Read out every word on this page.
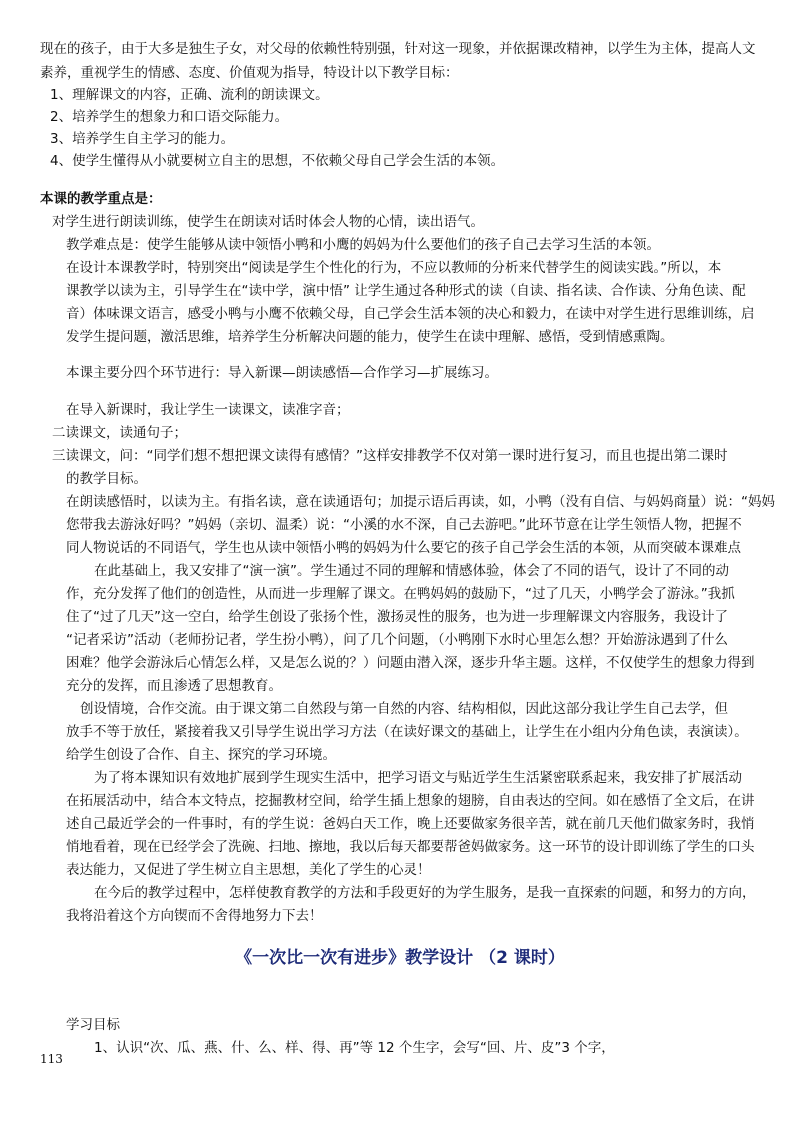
现在的孩子，由于大多是独生子女，对父母的依赖性特别强，针对这一现象，并依据课改精神，以学生为主体，提高人文
素养，重视学生的情感、态度、价值观为指导，特设计以下教学目标：
1、理解课文的内容，正确、流利的朗读课文。
2、培养学生的想象力和口语交际能力。
3、培养学生自主学习的能力。
4、使学生懂得从小就要树立自主的思想，不依赖父母自己学会生活的本领。
本课的教学重点是：
对学生进行朗读训练，使学生在朗读对话时体会人物的心情，读出语气。
教学难点是：使学生能够从读中领悟小鸭和小鹰的妈妈为什么要他们的孩子自己去学习生活的本领。
在设计本课教学时，特别突出“阅读是学生个性化的行为，不应以教师的分析来代替学生的阅读实践。”所以，本
课教学以读为主，引导学生在“读中学，演中悟” 让学生通过各种形式的读（自读、指名读、合作读、分角色读、配
音）体味课文语言，感受小鸭与小鹰不依赖父母，自己学会生活本领的决心和毅力，在读中对学生进行思维训练，启
发学生提问题，激活思维，培养学生分析解决问题的能力，使学生在读中理解、感悟，受到情感熏陶。
本课主要分四个环节进行：导入新课—朗读感悟—合作学习—扩展练习。
在导入新课时，我让学生一读课文，读准字音；
二读课文，读通句子；
三读课文，问：“同学们想不想把课文读得有感情？”这样安排教学不仅对第一课时进行复习，而且也提出第二课时
的教学目标。
在朗读感悟时，以读为主。有指名读，意在读通语句；加提示语后再读，如，小鸭（没有自信、与妈妈商量）说：“妈妈
您带我去游泳好吗？”妈妈（亲切、温柔）说：“小溪的水不深，自己去游吧。”此环节意在让学生领悟人物，把握不
同人物说话的不同语气，学生也从读中领悟小鸭的妈妈为什么要它的孩子自己学会生活的本领，从而突破本课难点
在此基础上，我又安排了“演一演”。学生通过不同的理解和情感体验，体会了不同的语气，设计了不同的动
作，充分发挥了他们的创造性，从而进一步理解了课文。在鸭妈妈的鼓励下，“过了几天，小鸭学会了游泳。”我抓
住了“过了几天”这一空白，给学生创设了张扬个性，激扬灵性的服务，也为进一步理解课文内容服务，我设计了
“记者采访”活动（老师扮记者，学生扮小鸭），问了几个问题，（小鸭刚下水时心里怎么想？开始游泳遇到了什么
困难？他学会游泳后心情怎么样，又是怎么说的？）问题由潜入深，逐步升华主题。这样，不仅使学生的想象力得到
充分的发挥，而且渗透了思想教育。
创设情境，合作交流。由于课文第二自然段与第一自然的内容、结构相似，因此这部分我让学生自己去学，但
放手不等于放任，紧接着我又引导学生说出学习方法（在读好课文的基础上，让学生在小组内分角色读，表演读）。
给学生创设了合作、自主、探究的学习环境。
为了将本课知识有效地扩展到学生现实生活中，把学习语文与贴近学生生活紧密联系起来，我安排了扩展活动
在拓展活动中，结合本文特点，挖掘教材空间，给学生插上想象的翅膀，自由表达的空间。如在感悟了全文后，在讲
述自己最近学会的一件事时，有的学生说：爸妈白天工作，晚上还要做家务很辛苦，就在前几天他们做家务时，我悄
悄地看着，现在已经学会了洗碗、扫地、擦地，我以后每天都要帮爸妈做家务。这一环节的设计即训练了学生的口头
表达能力，又促进了学生树立自主思想，美化了学生的心灵！
在今后的教学过程中，怎样使教育教学的方法和手段更好的为学生服务，是我一直探索的问题，和努力的方向，
我将沿着这个方向锲而不舍得地努力下去！
《一次比一次有进步》教学设计 （2 课时）
学习目标
1、认识“次、瓜、燕、什、么、样、得、再”等 12 个生字，会写“回、片、皮”3 个字，
113
